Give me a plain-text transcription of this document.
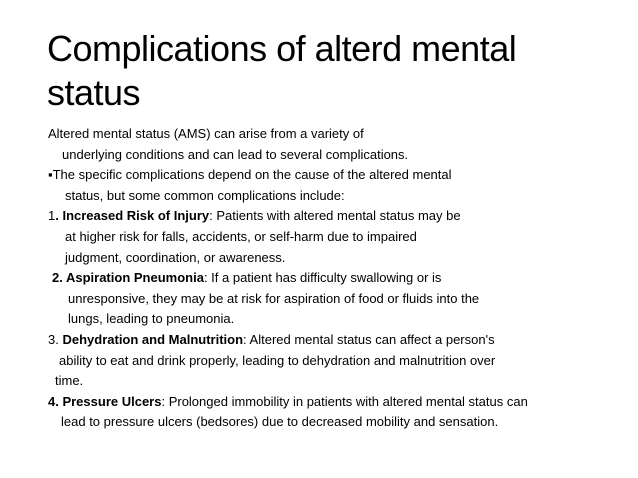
Complications of alterd mental
status
Altered mental status (AMS) can arise from a variety of
underlying conditions and can lead to several complications.
▪The specific complications depend on the cause of the altered mental
status, but some common complications include:
1. Increased Risk of Injury: Patients with altered mental status may be
at higher risk for falls, accidents, or self-harm due to impaired
judgment, coordination, or awareness.
2. Aspiration Pneumonia: If a patient has difficulty swallowing or is
unresponsive, they may be at risk for aspiration of food or fluids into the
lungs, leading to pneumonia.
3. Dehydration and Malnutrition: Altered mental status can affect a person's
ability to eat and drink properly, leading to dehydration and malnutrition over
time.
4. Pressure Ulcers: Prolonged immobility in patients with altered mental status can
lead to pressure ulcers (bedsores) due to decreased mobility and sensation.
